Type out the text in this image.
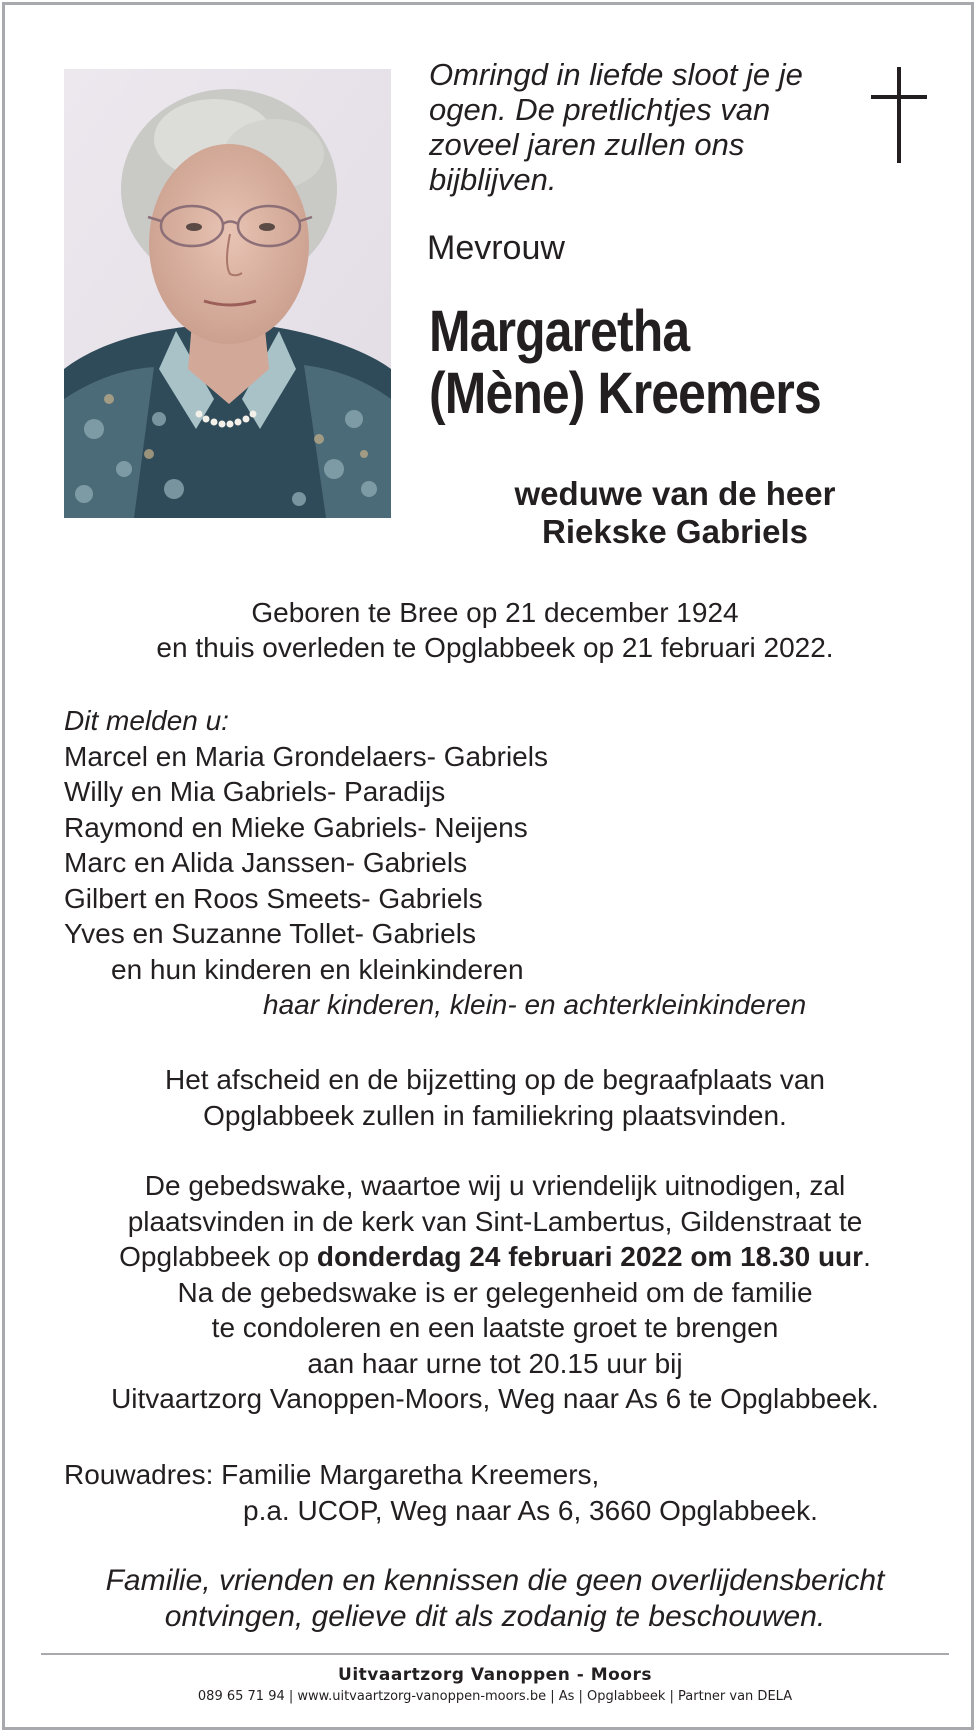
Omringd in liefde sloot je je
ogen. De pretlichtjes van
zoveel jaren zullen ons
bijblijven.
Mevrouw
Margaretha
(Mène) Kreemers
weduwe van de heer
Riekske Gabriels
Geboren te Bree op 21 december 1924
en thuis overleden te Opglabbeek op 21 februari 2022.
Dit melden u:
Marcel en Maria Grondelaers- Gabriels
Willy en Mia Gabriels- Paradijs
Raymond en Mieke Gabriels- Neijens
Marc en Alida Janssen- Gabriels
Gilbert en Roos Smeets- Gabriels
Yves en Suzanne Tollet- Gabriels
en hun kinderen en kleinkinderen
haar kinderen, klein- en achterkleinkinderen
Het afscheid en de bijzetting op de begraafplaats van
Opglabbeek zullen in familiekring plaatsvinden.
De gebedswake, waartoe wij u vriendelijk uitnodigen, zal
plaatsvinden in de kerk van Sint-Lambertus, Gildenstraat te
Opglabbeek op donderdag 24 februari 2022 om 18.30 uur.
Na de gebedswake is er gelegenheid om de familie
te condoleren en een laatste groet te brengen
aan haar urne tot 20.15 uur bij
Uitvaartzorg Vanoppen-Moors, Weg naar As 6 te Opglabbeek.
Rouwadres: Familie Margaretha Kreemers,
p.a. UCOP, Weg naar As 6, 3660 Opglabbeek.
Familie, vrienden en kennissen die geen overlijdensbericht
ontvingen, gelieve dit als zodanig te beschouwen.
Uitvaartzorg Vanoppen - Moors
089 65 71 94 | www.uitvaartzorg-vanoppen-moors.be | As | Opglabbeek | Partner van DELA
